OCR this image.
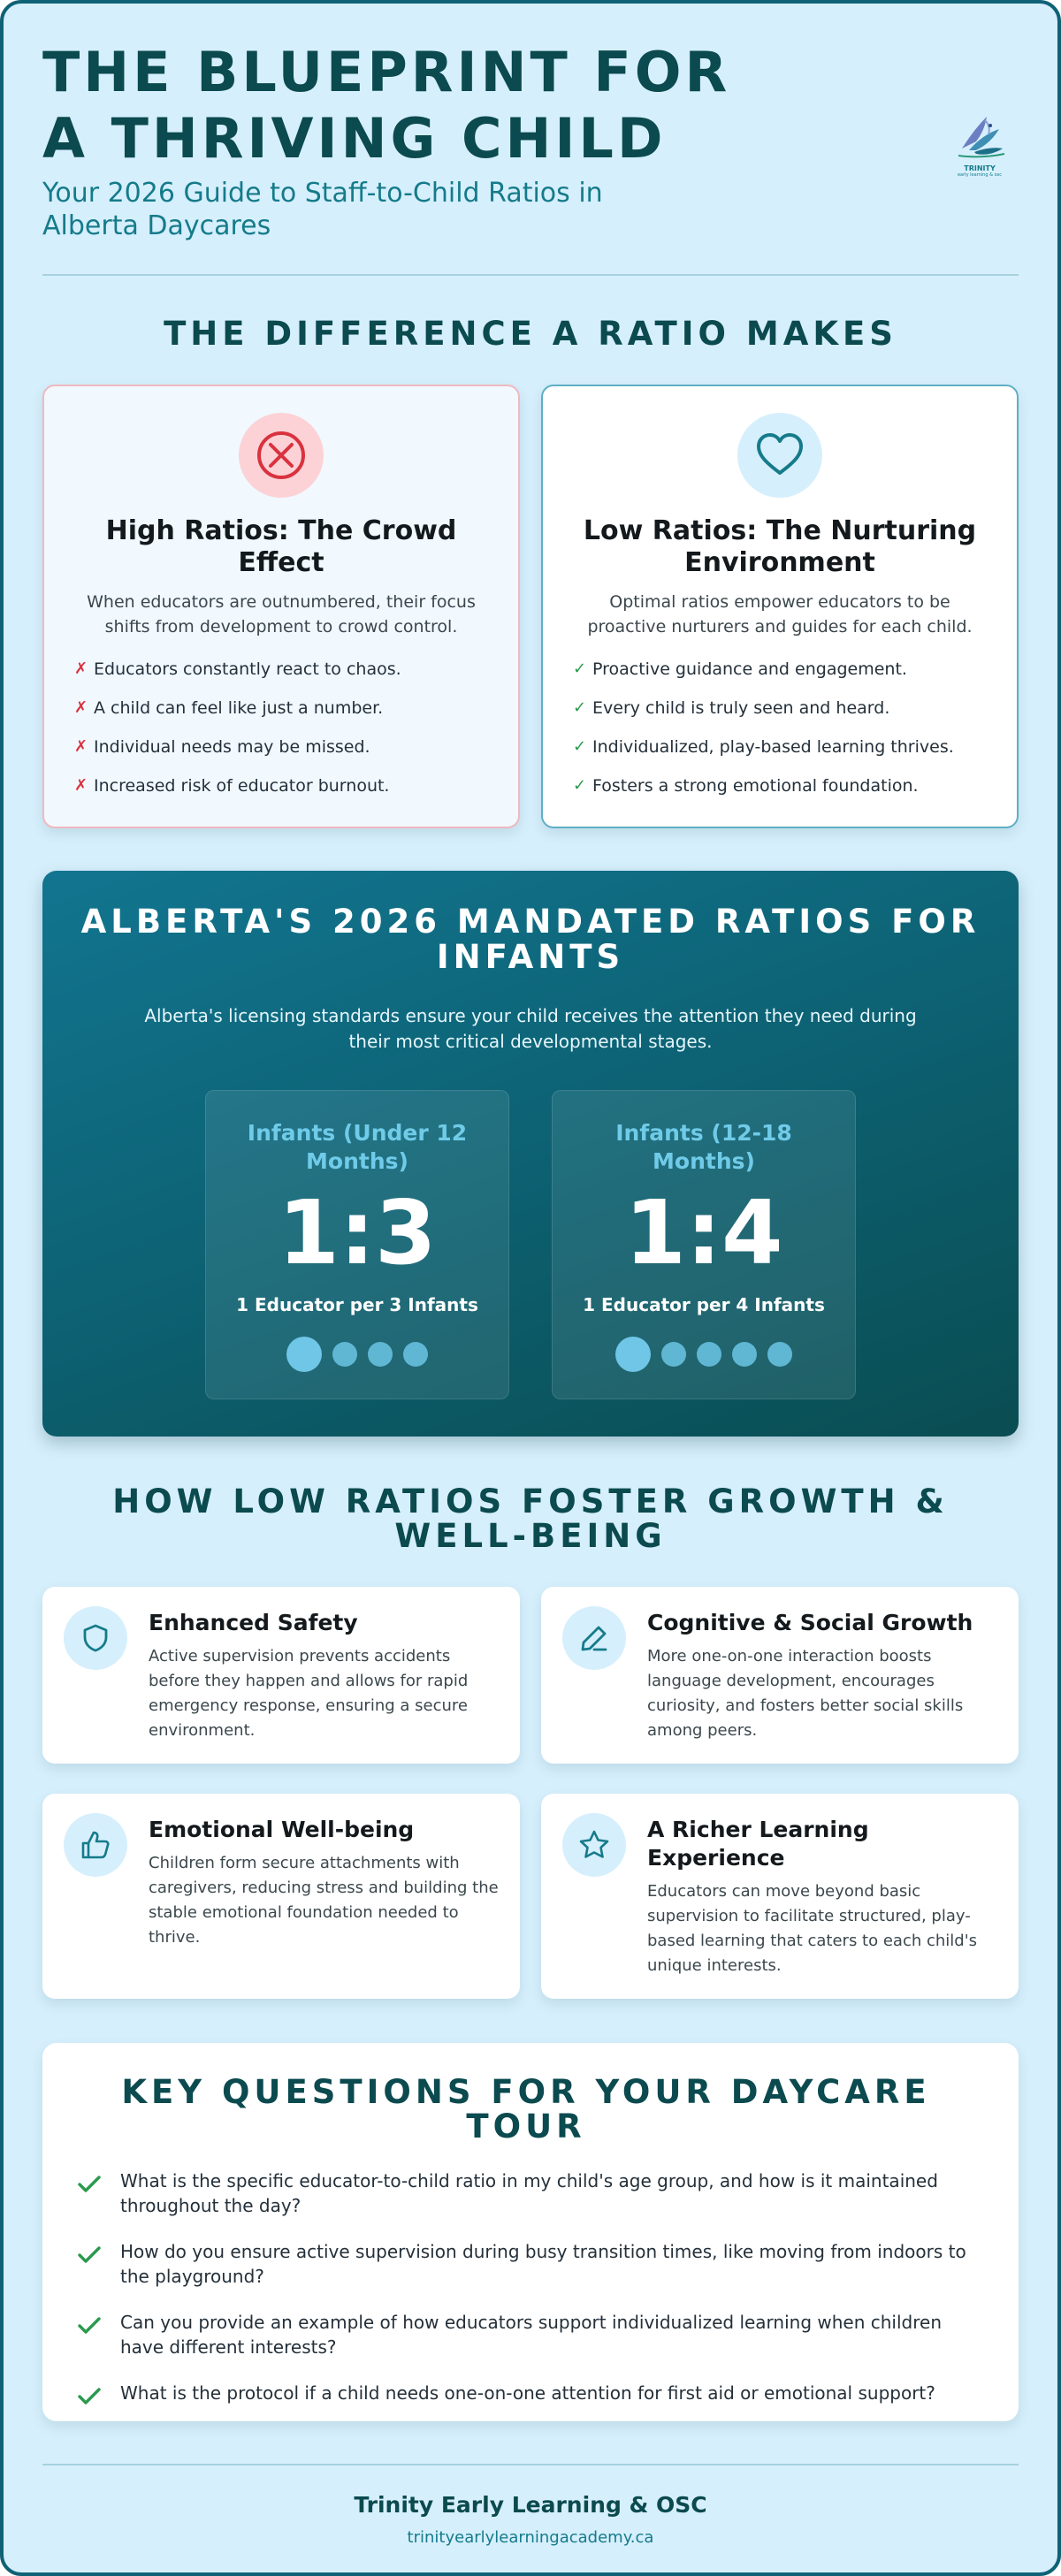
THE BLUEPRINT FOR
A THRIVING CHILD
Your 2026 Guide to Staff-to-Child Ratios in Alberta Daycares
TRINITY
early learning & osc
THE DIFFERENCE A RATIO MAKES
High Ratios: The Crowd Effect

When educators are outnumbered, their focus shifts from development to crowd control.

✗ Educators constantly react to chaos.
✗ A child can feel like just a number.
✗ Individual needs may be missed.
✗ Increased risk of educator burnout.
Low Ratios: The Nurturing Environment

Optimal ratios empower educators to be proactive nurturers and guides for each child.

✓ Proactive guidance and engagement.
✓ Every child is truly seen and heard.
✓ Individualized, play-based learning thrives.
✓ Fosters a strong emotional foundation.
ALBERTA'S 2026 MANDATED RATIOS FOR INFANTS

Alberta's licensing standards ensure your child receives the attention they need during their most critical developmental stages.

Infants (Under 12 Months)
1:3
1 Educator per 3 Infants
Infants (12-18 Months)
1:4
1 Educator per 4 Infants
HOW LOW RATIOS FOSTER GROWTH & WELL-BEING
Enhanced Safety
Active supervision prevents accidents before they happen and allows for rapid emergency response, ensuring a secure environment.
Cognitive & Social Growth
More one-on-one interaction boosts language development, encourages curiosity, and fosters better social skills among peers.
Emotional Well-being
Children form secure attachments with caregivers, reducing stress and building the stable emotional foundation needed to thrive.
A Richer Learning Experience
Educators can move beyond basic supervision to facilitate structured, play-based learning that caters to each child's unique interests.
KEY QUESTIONS FOR YOUR DAYCARE TOUR
What is the specific educator-to-child ratio in my child's age group, and how is it maintained throughout the day?
How do you ensure active supervision during busy transition times, like moving from indoors to the playground?
Can you provide an example of how educators support individualized learning when children have different interests?
What is the protocol if a child needs one-on-one attention for first aid or emotional support?
Trinity Early Learning & OSC
trinityearlylearningacademy.ca
